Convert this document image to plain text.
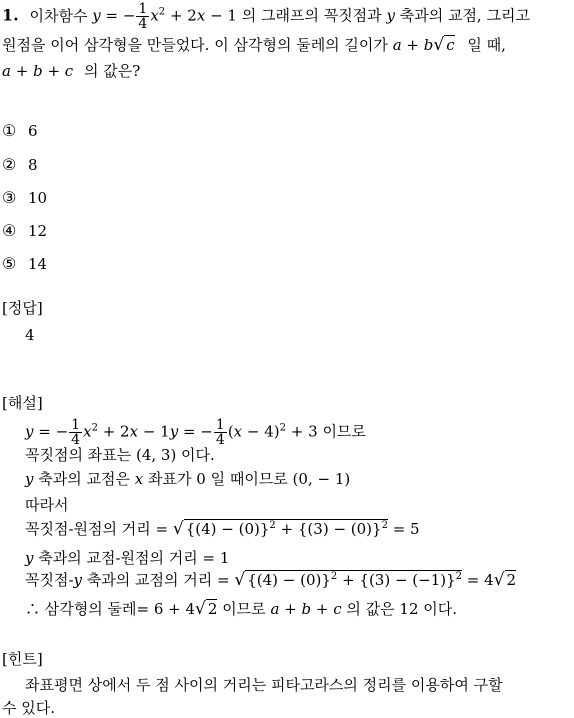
1. 이차함수 y = − $\frac{1}{4} x^2 + 2x - 1$ 의 그래프의 꼭짓점과 y 축과의 교점, 그리고
원점을 이어 삼각형을 만들었다. 이 삼각형의 둘레의 길이가 a + b√ c 일 때,
a + b + c 의 값은?
① 6
② 8
③ 10
④ 12
⑤ 14
[정답]
4
[해설]
y = − $\frac{1}{4} x^2 + 2x - 1y$ = − $\frac{1}{4} (x - 4)^2 + 3$ 이므로
꼭짓점의 좌표는 (4, 3) 이다.
y 축과의 교점은 x 좌표가 0 일 때이므로 (0, − 1)
따라서
꼭짓점-원점의 거리 = √ $\{(4) - (0)\}^2 + \{(3) - (0)\}^2 = 5$
y 축과의 교점-원점의 거리 = 1
꼭짓점-y 축과의 교점의 거리 = √ $\{(4) - (0)\}^2 + \{(3) - (-1)\}^2 = 4√$ 2
∴ 삼각형의 둘레= 6 + 4√ 2 이므로 a + b + c 의 값은 12 이다.
[힌트]
좌표평면 상에서 두 점 사이의 거리는 피타고라스의 정리를 이용하여 구할
수 있다.
